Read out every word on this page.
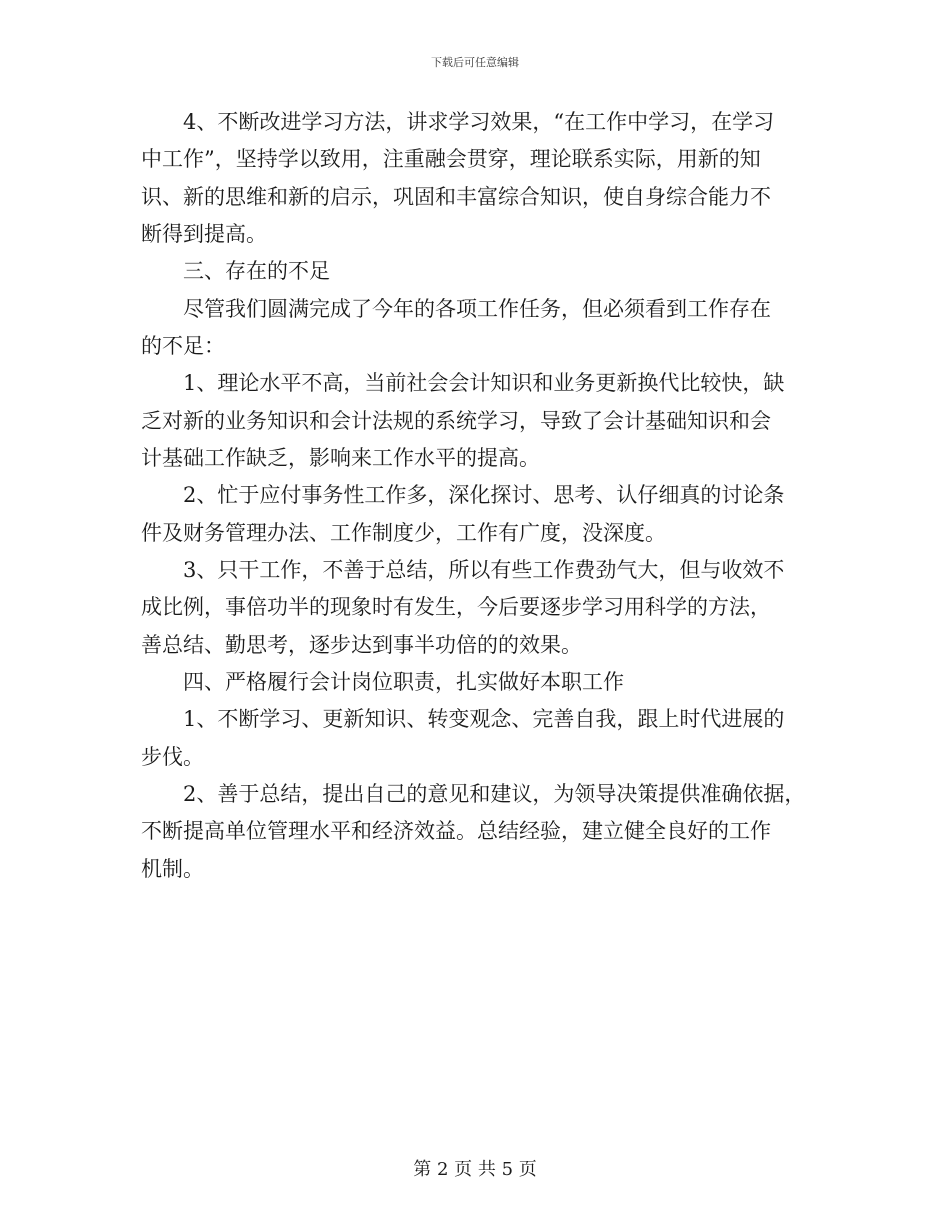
下载后可任意编辑
　　4、不断改进学习方法，讲求学习效果，“在工作中学习，在学习
中工作”，坚持学以致用，注重融会贯穿，理论联系实际，用新的知
识、新的思维和新的启示，巩固和丰富综合知识，使自身综合能力不
断得到提高。
　　三、存在的不足
　　尽管我们圆满完成了今年的各项工作任务，但必须看到工作存在
的不足：
　　1、理论水平不高，当前社会会计知识和业务更新换代比较快，缺
乏对新的业务知识和会计法规的系统学习，导致了会计基础知识和会
计基础工作缺乏，影响来工作水平的提高。
　　2、忙于应付事务性工作多，深化探讨、思考、认仔细真的讨论条
件及财务管理办法、工作制度少，工作有广度，没深度。
　　3、只干工作，不善于总结，所以有些工作费劲气大，但与收效不
成比例，事倍功半的现象时有发生，今后要逐步学习用科学的方法，
善总结、勤思考，逐步达到事半功倍的的效果。
　　四、严格履行会计岗位职责，扎实做好本职工作
　　1、不断学习、更新知识、转变观念、完善自我，跟上时代进展的
步伐。
　　2、善于总结，提出自己的意见和建议，为领导决策提供准确依据，
不断提高单位管理水平和经济效益。总结经验，建立健全良好的工作
机制。
第 2 页 共 5 页
